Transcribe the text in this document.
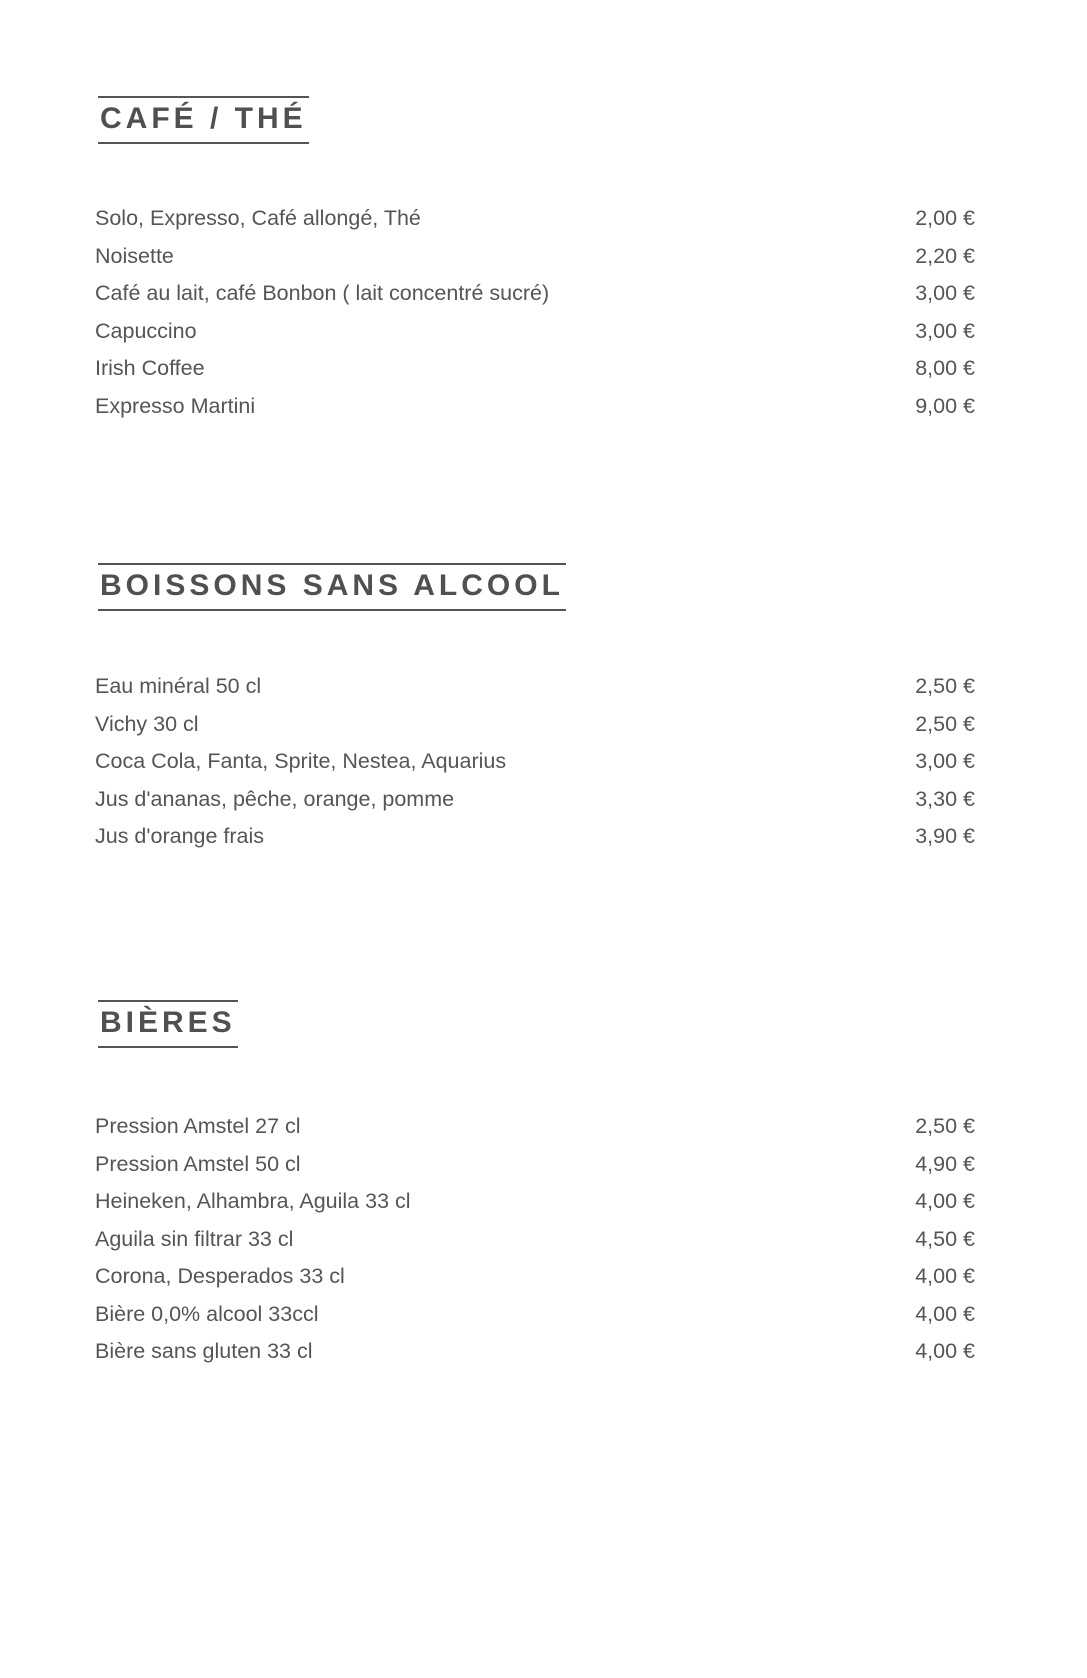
CAFÉ / THÉ
Solo, Expresso, Café allongé, Thé	2,00 €
Noisette	2,20 €
Café au lait, café Bonbon ( lait concentré sucré)	3,00 €
Capuccino	3,00 €
Irish Coffee	8,00 €
Expresso Martini	9,00 €
BOISSONS SANS ALCOOL
Eau minéral 50 cl	2,50 €
Vichy 30 cl	2,50 €
Coca Cola, Fanta, Sprite, Nestea, Aquarius	3,00 €
Jus d'ananas, pêche, orange, pomme	3,30 €
Jus d'orange frais	3,90 €
BIÈRES
Pression Amstel 27 cl	2,50 €
Pression Amstel 50 cl	4,90 €
Heineken, Alhambra, Aguila 33 cl	4,00 €
Aguila sin filtrar 33 cl	4,50 €
Corona, Desperados 33 cl	4,00 €
Bière 0,0% alcool 33ccl	4,00 €
Bière sans gluten 33 cl	4,00 €
